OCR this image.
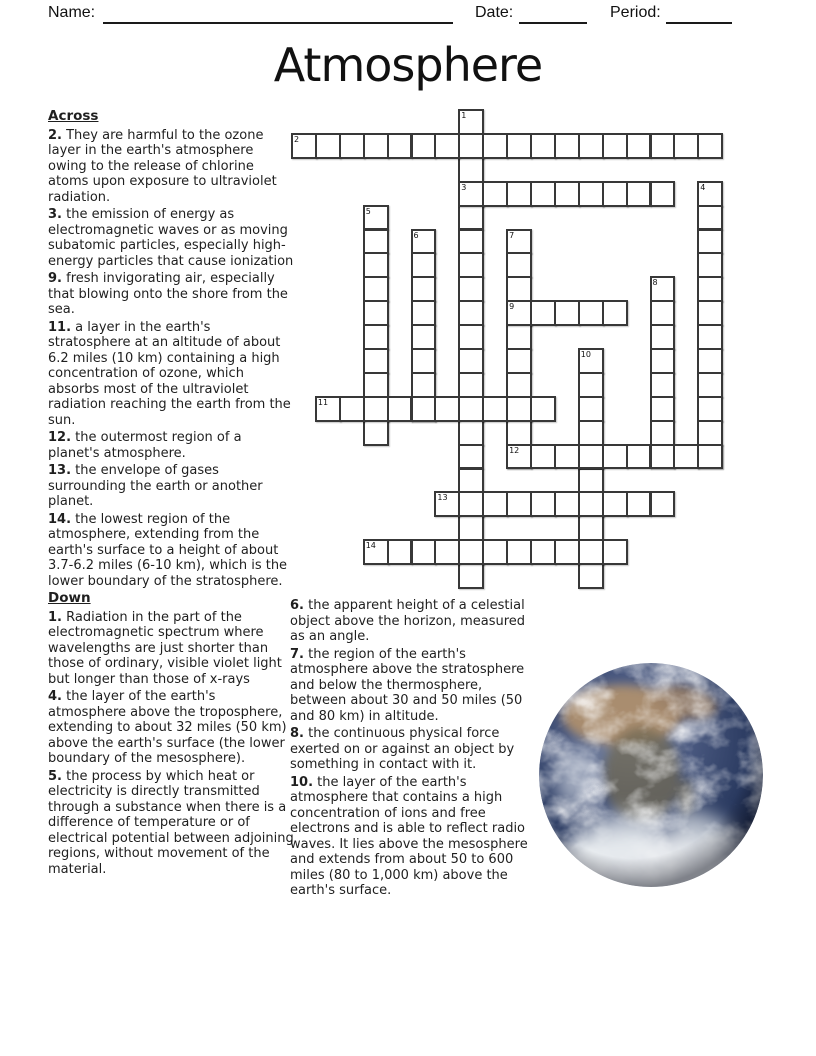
Name:	Date:	Period:
Atmosphere

Across

2. They are harmful to the ozone layer in the earth's atmosphere owing to the release of chlorine atoms upon exposure to ultraviolet radiation.

3. the emission of energy as electromagnetic waves or as moving subatomic particles, especially high-energy particles that cause ionization

9. fresh invigorating air, especially that blowing onto the shore from the sea.

11. a layer in the earth's stratosphere at an altitude of about 6.2 miles (10 km) containing a high concentration of ozone, which absorbs most of the ultraviolet radiation reaching the earth from the sun.

12. the outermost region of a planet's atmosphere.

13. the envelope of gases surrounding the earth or another planet.

14. the lowest region of the atmosphere, extending from the earth's surface to a height of about 3.7-6.2 miles (6-10 km), which is the lower boundary of the stratosphere.

Down

1. Radiation in the part of the electromagnetic spectrum where wavelengths are just shorter than those of ordinary, visible violet light but longer than those of x-rays

4. the layer of the earth's atmosphere above the troposphere, extending to about 32 miles (50 km) above the earth's surface (the lower boundary of the mesosphere).

5. the process by which heat or electricity is directly transmitted through a substance when there is a difference of temperature or of electrical potential between adjoining regions, without movement of the material.

6. the apparent height of a celestial object above the horizon, measured as an angle.

7. the region of the earth's atmosphere above the stratosphere and below the thermosphere, between about 30 and 50 miles (50 and 80 km) in altitude.

8. the continuous physical force exerted on or against an object by something in contact with it.

10. the layer of the earth's atmosphere that contains a high concentration of ions and free electrons and is able to reflect radio waves. It lies above the mesosphere and extends from about 50 to 600 miles (80 to 1,000 km) above the earth's surface.

1
2
3	4
5
6	7
8
9
10
11
12
13
14
